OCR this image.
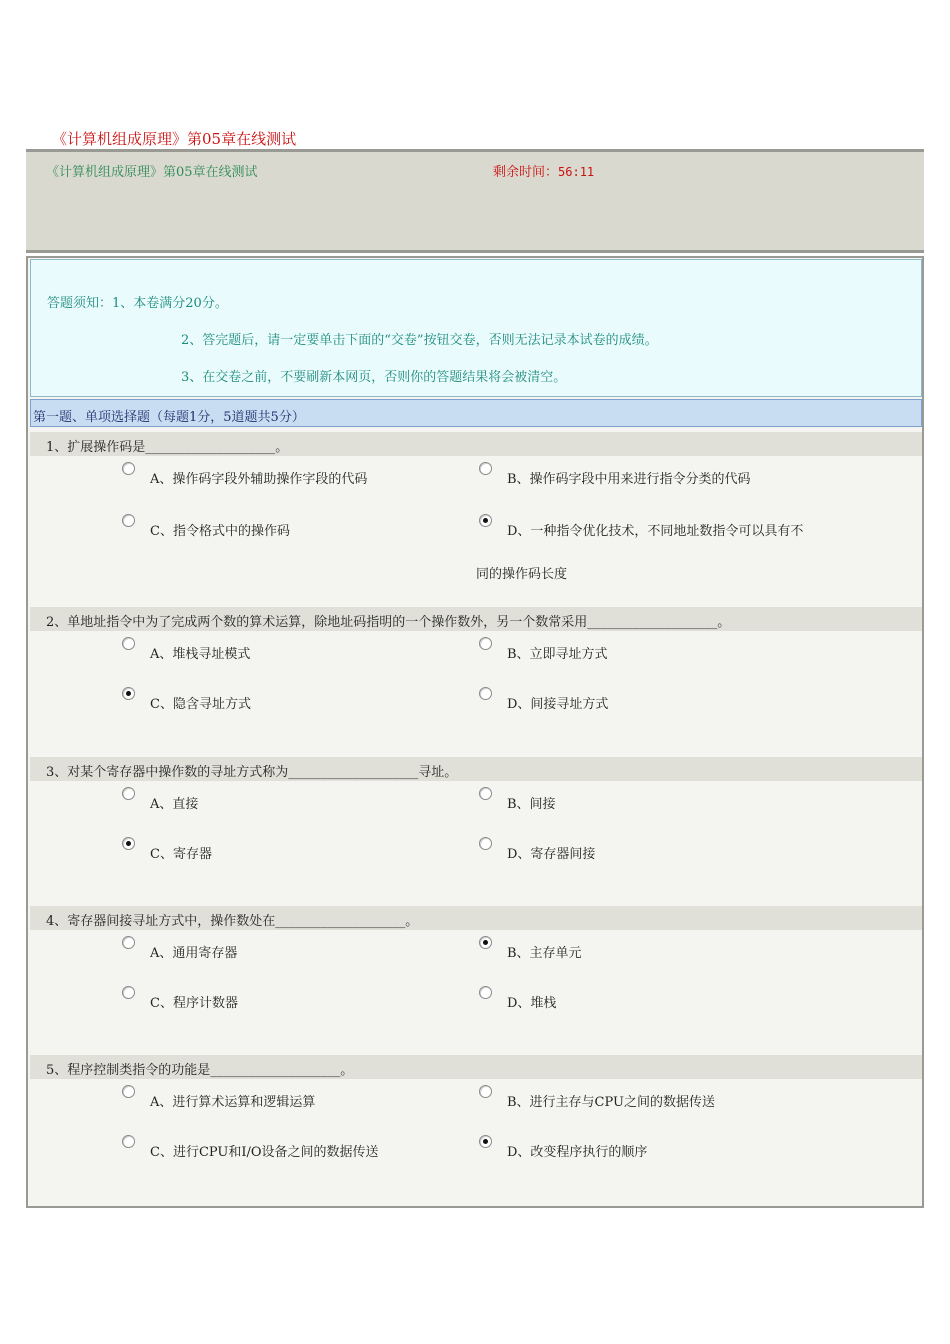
《计算机组成原理》第05章在线测试
《计算机组成原理》第05章在线测试	剩余时间：56:11
答题须知：1、本卷满分20分。
2、答完题后，请一定要单击下面的“交卷”按钮交卷，否则无法记录本试卷的成绩。
3、在交卷之前，不要刷新本网页，否则你的答题结果将会被清空。
第一题、单项选择题（每题1分，5道题共5分）
1、扩展操作码是____________________。
A、操作码字段外辅助操作字段的代码	B、操作码字段中用来进行指令分类的代码
C、指令格式中的操作码	D、一种指令优化技术，不同地址数指令可以具有不
同的操作码长度
2、单地址指令中为了完成两个数的算术运算，除地址码指明的一个操作数外，另一个数常采用____________________。
A、堆栈寻址模式	B、立即寻址方式
C、隐含寻址方式	D、间接寻址方式
3、对某个寄存器中操作数的寻址方式称为____________________寻址。
A、直接	B、间接
C、寄存器	D、寄存器间接
4、寄存器间接寻址方式中，操作数处在____________________。
A、通用寄存器	B、主存单元
C、程序计数器	D、堆栈
5、程序控制类指令的功能是____________________。
A、进行算术运算和逻辑运算	B、进行主存与CPU之间的数据传送
C、进行CPU和I/O设备之间的数据传送	D、改变程序执行的顺序
